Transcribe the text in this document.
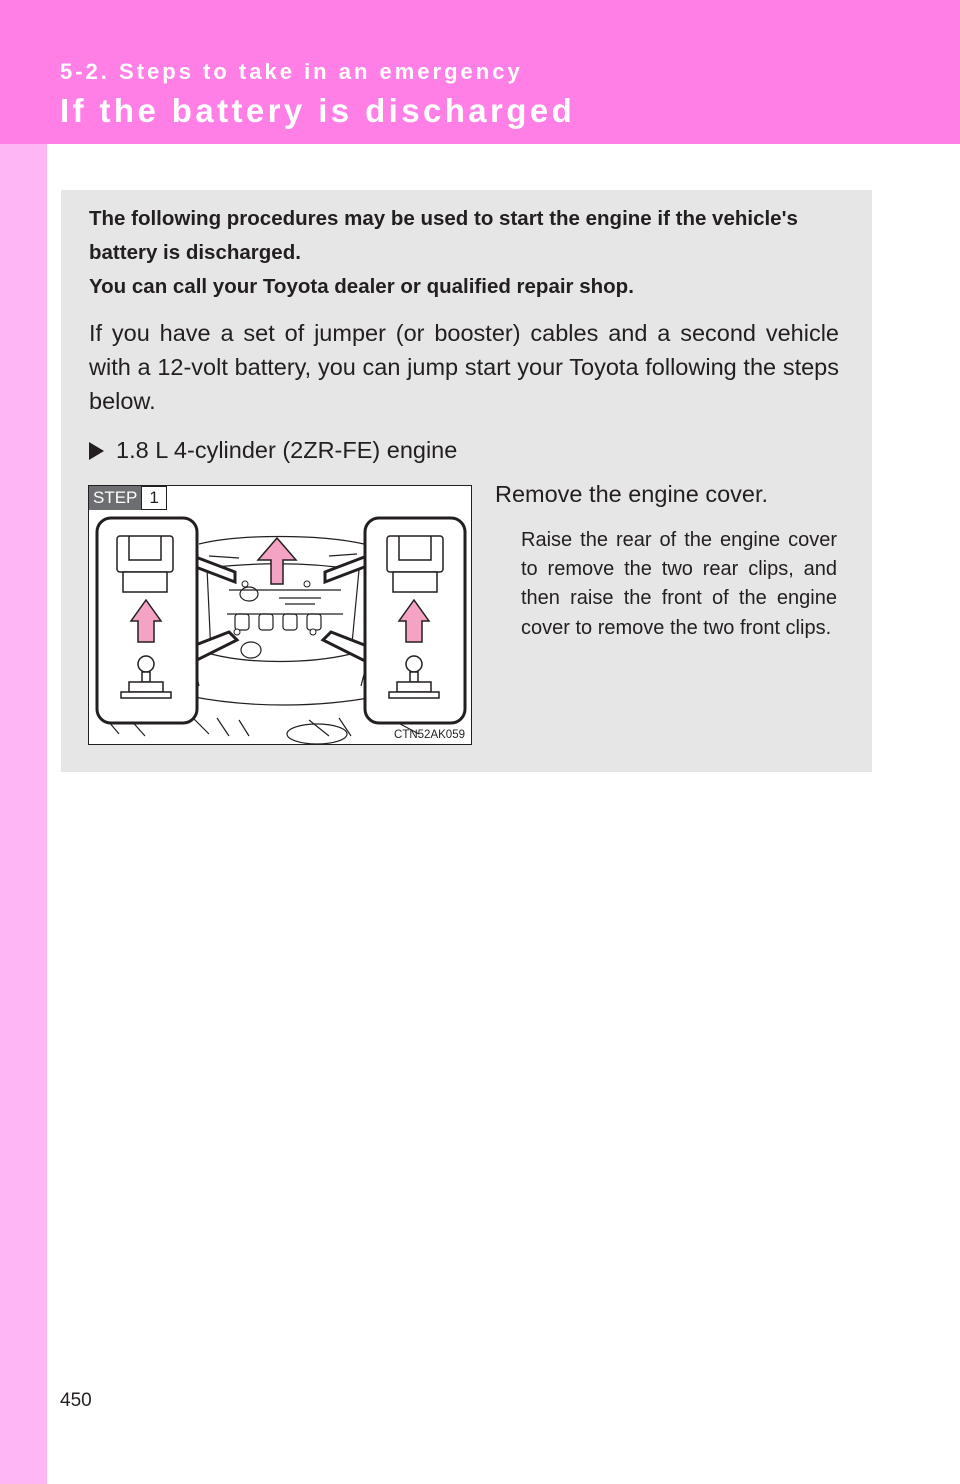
5-2. Steps to take in an emergency
If the battery is discharged

The following procedures may be used to start the engine if the vehicle's battery is discharged.

You can call your Toyota dealer or qualified repair shop.

If you have a set of jumper (or booster) cables and a second vehicle with a 12-volt battery, you can jump start your Toyota following the steps below.

1.8 L 4-cylinder (2ZR-FE) engine
STEP 1
CTN52AK059
Remove the engine cover.

Raise the rear of the engine cover to remove the two rear clips, and then raise the front of the engine cover to remove the two front clips.

450
